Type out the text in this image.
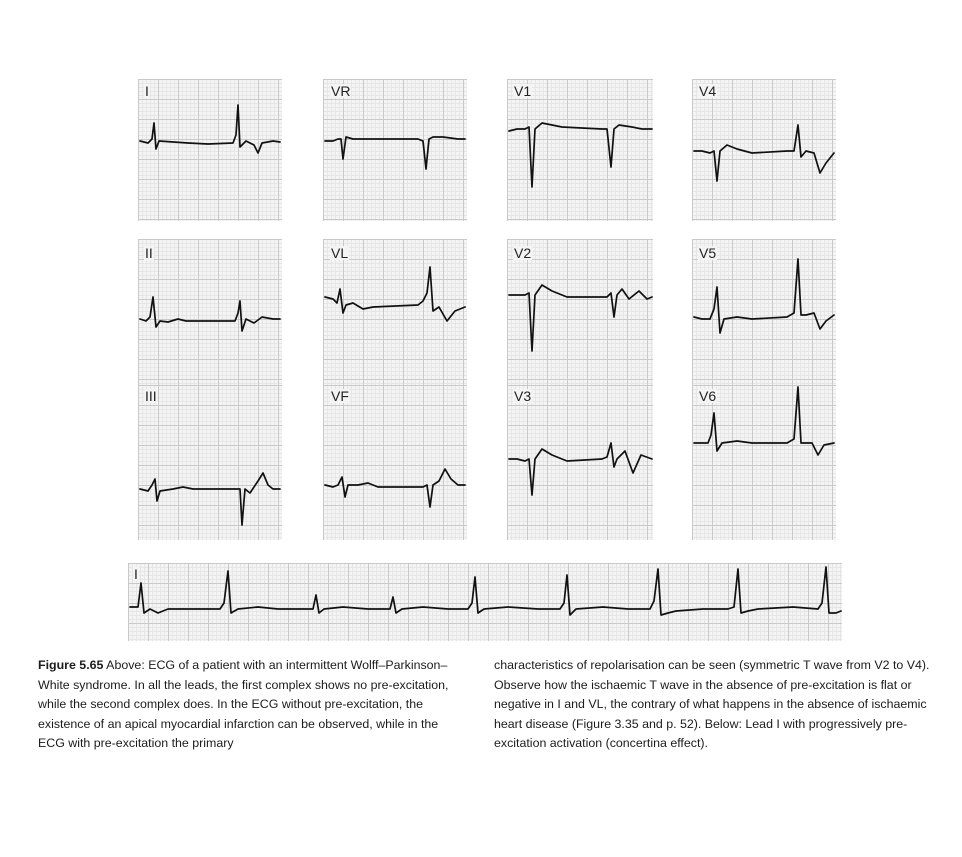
I
II
III
VR
VL
VF
V1
V2
V3
V4
V5
V6
I
Figure 5.65 Above: ECG of a patient with an intermittent Wolff–Parkinson–White syndrome. In all the leads, the first complex shows no pre-excitation, while the second complex does. In the ECG without pre-excitation, the existence of an apical myocardial infarction can be observed, while in the ECG with pre-excitation the primary
characteristics of repolarisation can be seen (symmetric T wave from V2 to V4). Observe how the ischaemic T wave in the absence of pre-excitation is flat or negative in I and VL, the contrary of what happens in the absence of ischaemic heart disease (Figure 3.35 and p. 52). Below: Lead I with progressively pre-excitation activation (concertina effect).
